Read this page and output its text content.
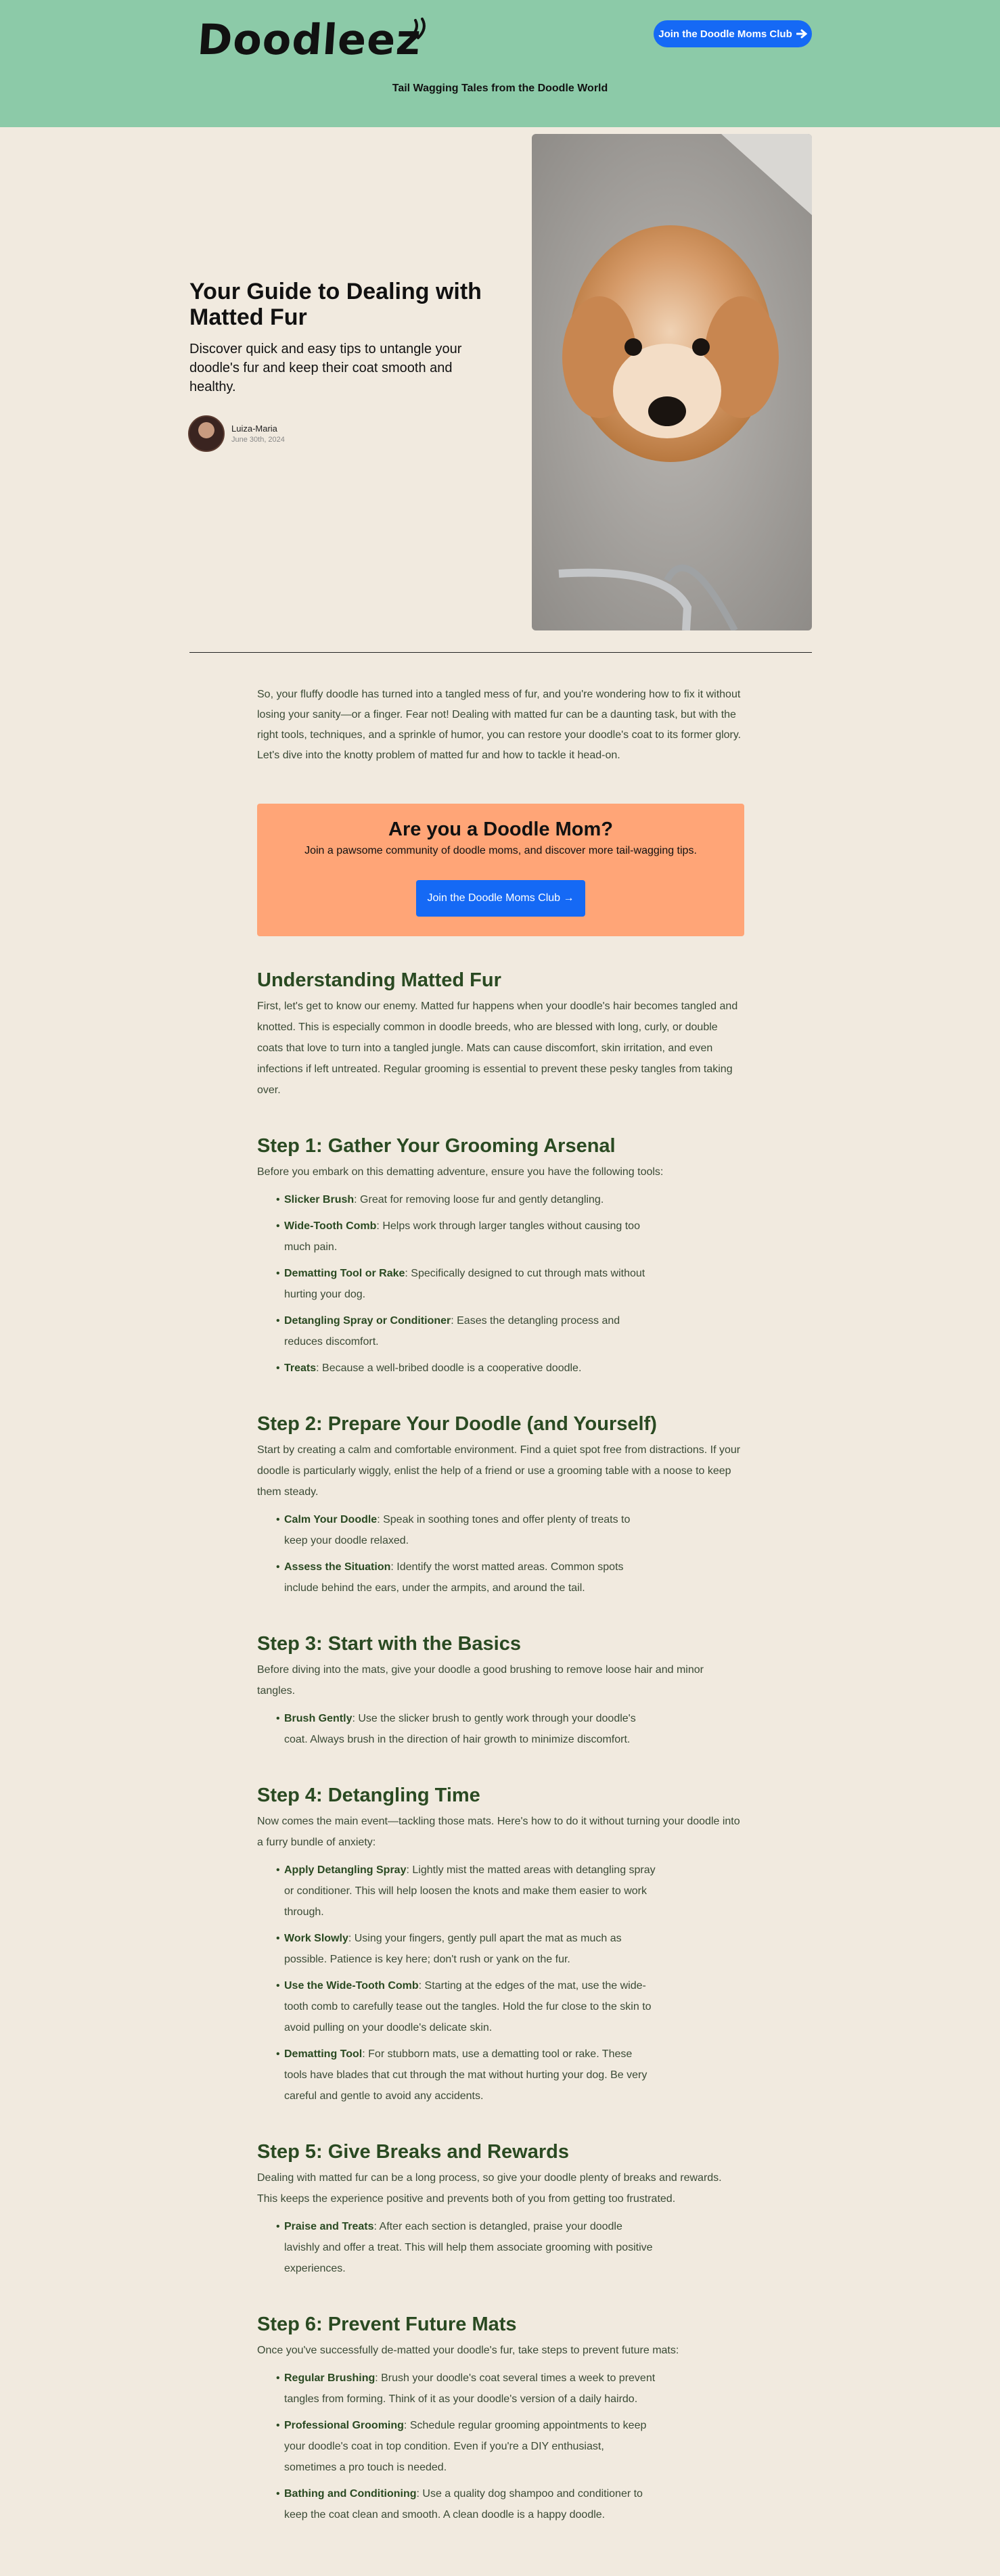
Doodleez	Join the Doodle Moms Club
Tail Wagging Tales from the Doodle World
Your Guide to Dealing with Matted Fur

Discover quick and easy tips to untangle your doodle's fur and keep their coat smooth and healthy.

Luiza-Maria
June 30th, 2024

So, your fluffy doodle has turned into a tangled mess of fur, and you're wondering how to fix it without losing your sanity—or a finger. Fear not! Dealing with matted fur can be a daunting task, but with the right tools, techniques, and a sprinkle of humor, you can restore your doodle's coat to its former glory. Let's dive into the knotty problem of matted fur and how to tackle it head-on.

Are you a Doodle Mom?
Join a pawsome community of doodle moms, and discover more tail-wagging tips.
Join the Doodle Moms Club →
Understanding Matted Fur

First, let's get to know our enemy. Matted fur happens when your doodle's hair becomes tangled and knotted. This is especially common in doodle breeds, who are blessed with long, curly, or double coats that love to turn into a tangled jungle. Mats can cause discomfort, skin irritation, and even infections if left untreated. Regular grooming is essential to prevent these pesky tangles from taking over.

Step 1: Gather Your Grooming Arsenal

Before you embark on this dematting adventure, ensure you have the following tools:

• Slicker Brush: Great for removing loose fur and gently detangling.
• Wide-Tooth Comb: Helps work through larger tangles without causing too much pain.
• Dematting Tool or Rake: Specifically designed to cut through mats without hurting your dog.
• Detangling Spray or Conditioner: Eases the detangling process and reduces discomfort.
• Treats: Because a well-bribed doodle is a cooperative doodle.
Step 2: Prepare Your Doodle (and Yourself)

Start by creating a calm and comfortable environment. Find a quiet spot free from distractions. If your doodle is particularly wiggly, enlist the help of a friend or use a grooming table with a noose to keep them steady.

• Calm Your Doodle: Speak in soothing tones and offer plenty of treats to keep your doodle relaxed.
• Assess the Situation: Identify the worst matted areas. Common spots include behind the ears, under the armpits, and around the tail.
Step 3: Start with the Basics

Before diving into the mats, give your doodle a good brushing to remove loose hair and minor tangles.

• Brush Gently: Use the slicker brush to gently work through your doodle's coat. Always brush in the direction of hair growth to minimize discomfort.
Step 4: Detangling Time

Now comes the main event—tackling those mats. Here's how to do it without turning your doodle into a furry bundle of anxiety:

• Apply Detangling Spray: Lightly mist the matted areas with detangling spray or conditioner. This will help loosen the knots and make them easier to work through.
• Work Slowly: Using your fingers, gently pull apart the mat as much as possible. Patience is key here; don't rush or yank on the fur.
• Use the Wide-Tooth Comb: Starting at the edges of the mat, use the wide-tooth comb to carefully tease out the tangles. Hold the fur close to the skin to avoid pulling on your doodle's delicate skin.
• Dematting Tool: For stubborn mats, use a dematting tool or rake. These tools have blades that cut through the mat without hurting your dog. Be very careful and gentle to avoid any accidents.
Step 5: Give Breaks and Rewards

Dealing with matted fur can be a long process, so give your doodle plenty of breaks and rewards. This keeps the experience positive and prevents both of you from getting too frustrated.

• Praise and Treats: After each section is detangled, praise your doodle lavishly and offer a treat. This will help them associate grooming with positive experiences.
Step 6: Prevent Future Mats

Once you've successfully de-matted your doodle's fur, take steps to prevent future mats:

• Regular Brushing: Brush your doodle's coat several times a week to prevent tangles from forming. Think of it as your doodle's version of a daily hairdo.
• Professional Grooming: Schedule regular grooming appointments to keep your doodle's coat in top condition. Even if you're a DIY enthusiast, sometimes a pro touch is needed.
• Bathing and Conditioning: Use a quality dog shampoo and conditioner to keep the coat clean and smooth. A clean doodle is a happy doodle.
